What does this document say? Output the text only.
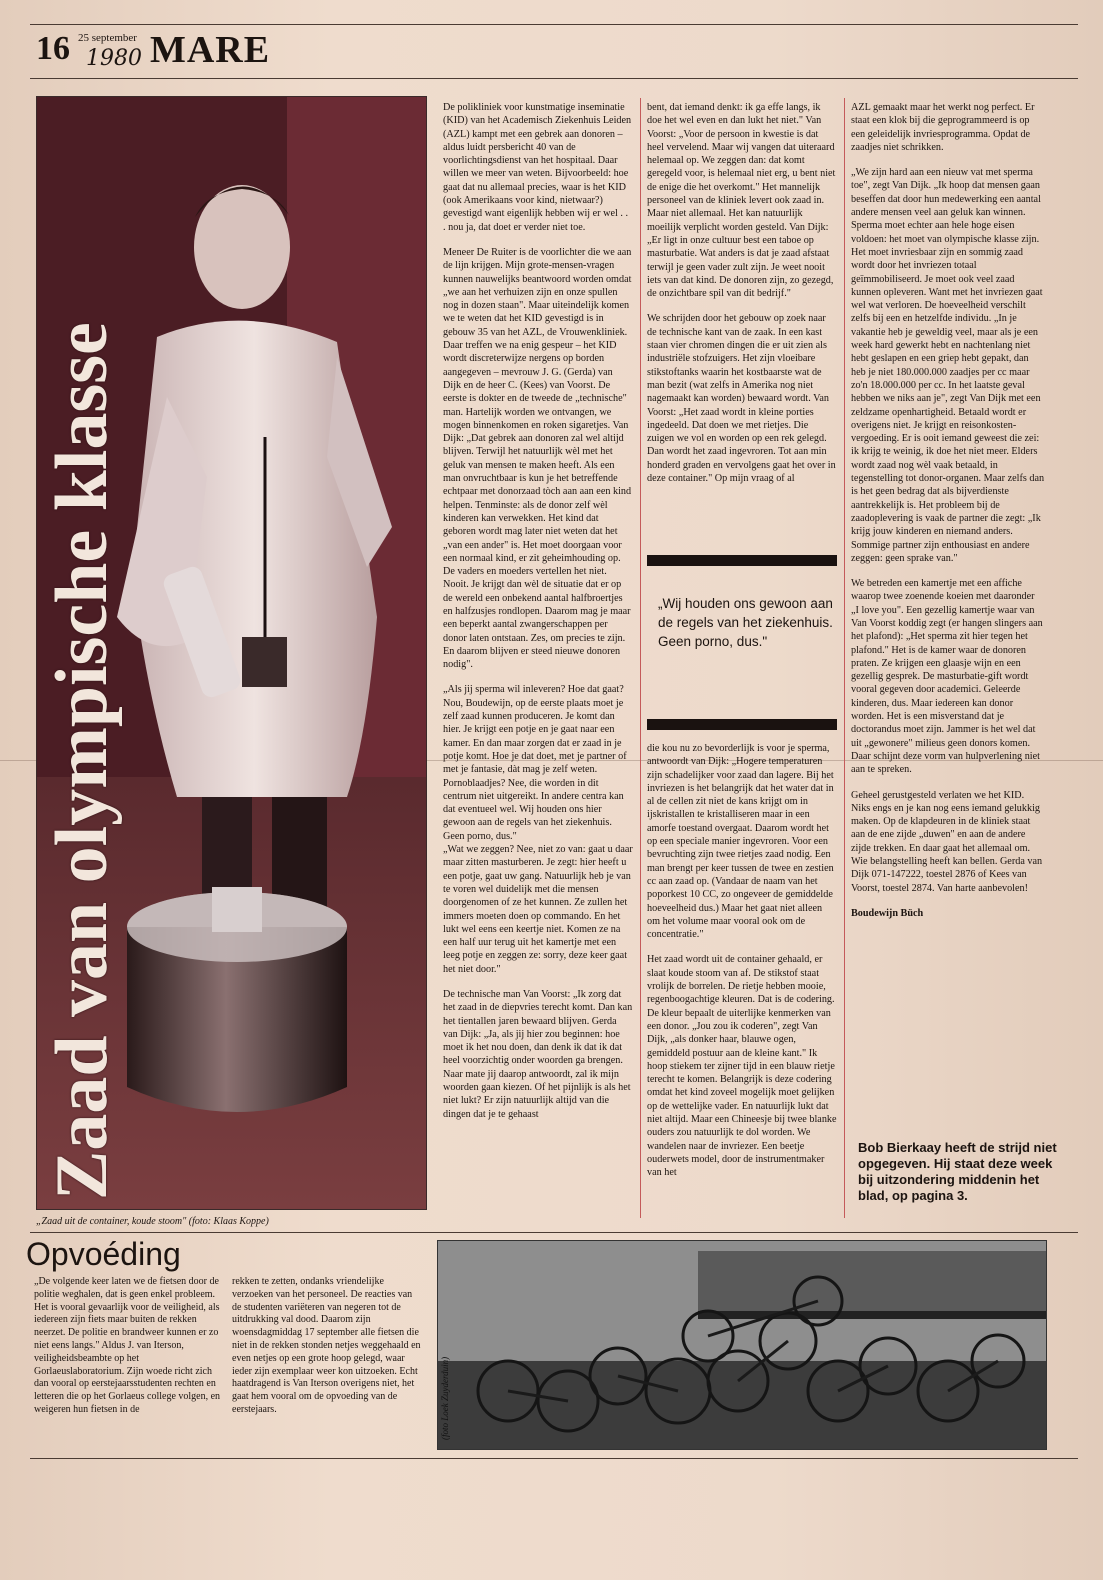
16 25 september
1980 MARE
Zaad van olympische klasse
„Zaad uit de container, koude stoom" (foto: Klaas Koppe)

De polikliniek voor kunstmatige inseminatie (KID) van het Academisch Ziekenhuis Leiden (AZL) kampt met een gebrek aan donoren – aldus luidt persbericht 40 van de voorlichtingsdienst van het hospitaal. Daar willen we meer van weten. Bijvoorbeeld: hoe gaat dat nu allemaal precies, waar is het KID (ook Amerikaans voor kind, nietwaar?) gevestigd want eigenlijk hebben wij er wel . . . nou ja, dat doet er verder niet toe.

Meneer De Ruiter is de voorlichter die we aan de lijn krijgen. Mijn grote-mensen-vragen kunnen nauwelijks beantwoord worden omdat „we aan het verhuizen zijn en onze spullen nog in dozen staan". Maar uiteindelijk komen we te weten dat het KID gevestigd is in gebouw 35 van het AZL, de Vrouwenkliniek. Daar treffen we na enig gespeur – het KID wordt discreterwijze nergens op borden aangegeven – mevrouw J. G. (Gerda) van Dijk en de heer C. (Kees) van Voorst. De eerste is dokter en de tweede de „technische" man. Hartelijk worden we ontvangen, we mogen binnenkomen en roken sigaretjes. Van Dijk: „Dat gebrek aan donoren zal wel altijd blijven. Terwijl het natuurlijk wèl met het geluk van mensen te maken heeft. Als een man onvruchtbaar is kun je het betreffende echtpaar met donorzaad tòch aan aan een kind helpen. Tenminste: als de donor zelf wèl kinderen kan verwekken. Het kind dat geboren wordt mag later niet weten dat het „van een ander" is. Het moet doorgaan voor een normaal kind, er zit geheimhouding op. De vaders en moeders vertellen het niet. Nooit. Je krijgt dan wèl de situatie dat er op de wereld een onbekend aantal halfbroertjes en halfzusjes rondlopen. Daarom mag je maar een beperkt aantal zwangerschappen per donor laten ontstaan. Zes, om precies te zijn. En daarom blijven er steed nieuwe donoren nodig".

„Als jij sperma wil inleveren? Hoe dat gaat? Nou, Boudewijn, op de eerste plaats moet je zelf zaad kunnen produceren. Je komt dan hier. Je krijgt een potje en je gaat naar een kamer. En dan maar zorgen dat er zaad in je potje komt. Hoe je dat doet, met je partner of met je fantasie, dàt mag je zelf weten. Pornoblaadjes? Nee, die worden in dit centrum niet uitgereikt. In andere centra kan dat eventueel wel. Wij houden ons hier gewoon aan de regels van het ziekenhuis. Geen porno, dus."

„Wat we zeggen? Nee, niet zo van: gaat u daar maar zitten masturberen. Je zegt: hier heeft u een potje, gaat uw gang. Natuurlijk heb je van te voren wel duidelijk met die mensen doorgenomen of ze het kunnen. Ze zullen het immers moeten doen op commando. En het lukt wel eens een keertje niet. Komen ze na een half uur terug uit het kamertje met een leeg potje en zeggen ze: sorry, deze keer gaat het niet door."

De technische man Van Voorst: „Ik zorg dat het zaad in de diepvries terecht komt. Dan kan het tientallen jaren bewaard blijven. Gerda van Dijk: „Ja, als jij hier zou beginnen: hoe moet ik het nou doen, dan denk ik dat ik dat heel voorzichtig onder woorden ga brengen. Naar mate jij daarop antwoordt, zal ik mijn woorden gaan kiezen. Of het pijnlijk is als het niet lukt? Er zijn natuurlijk altijd van die dingen dat je te gehaast

bent, dat iemand denkt: ik ga effe langs, ik doe het wel even en dan lukt het niet." Van Voorst: „Voor de persoon in kwestie is dat heel vervelend. Maar wij vangen dat uiteraard helemaal op. We zeggen dan: dat komt geregeld voor, is helemaal niet erg, u bent niet de enige die het overkomt." Het mannelijk personeel van de kliniek levert ook zaad in. Maar niet allemaal. Het kan natuurlijk moeilijk verplicht worden gesteld. Van Dijk: „Er ligt in onze cultuur best een taboe op masturbatie. Wat anders is dat je zaad afstaat terwijl je geen vader zult zijn. Je weet nooit iets van dat kind. De donoren zijn, zo gezegd, de onzichtbare spil van dit bedrijf."

We schrijden door het gebouw op zoek naar de technische kant van de zaak. In een kast staan vier chromen dingen die er uit zien als industriële stofzuigers. Het zijn vloeibare stikstoftanks waarin het kostbaarste wat de man bezit (wat zelfs in Amerika nog niet nagemaakt kan worden) bewaard wordt. Van Voorst: „Het zaad wordt in kleine porties ingedeeld. Dat doen we met rietjes. Die zuigen we vol en worden op een rek gelegd. Dan wordt het zaad ingevroren. Tot aan min honderd graden en vervolgens gaat het over in deze container." Op mijn vraag of al

„Wij houden ons gewoon aan de regels van het ziekenhuis. Geen porno, dus."

die kou nu zo bevorderlijk is voor je sperma, antwoordt van Dijk: „Hogere temperaturen zijn schadelijker voor zaad dan lagere. Bij het invriezen is het belangrijk dat het water dat in al de cellen zit niet de kans krijgt om in ijskristallen te kristalliseren maar in een amorfe toestand overgaat. Daarom wordt het op een speciale manier ingevroren. Voor een bevruchting zijn twee rietjes zaad nodig. Een man brengt per keer tussen de twee en zestien cc aan zaad op. (Vandaar de naam van het poporkest 10 CC, zo ongeveer de gemiddelde hoeveelheid dus.) Maar het gaat niet alleen om het volume maar vooral ook om de concentratie."

Het zaad wordt uit de container gehaald, er slaat koude stoom van af. De stikstof staat vrolijk de borrelen. De rietje hebben mooie, regenboogachtige kleuren. Dat is de codering. De kleur bepaalt de uiterlijke kenmerken van een donor. „Jou zou ik coderen", zegt Van Dijk, „als donker haar, blauwe ogen, gemiddeld postuur aan de kleine kant." Ik hoop stiekem ter zijner tijd in een blauw rietje terecht te komen. Belangrijk is deze codering omdat het kind zoveel mogelijk moet gelijken op de wettelijke vader. En natuurlijk lukt dat niet altijd. Maar een Chineesje bij twee blanke ouders zou natuurlijk te dol worden. We wandelen naar de invriezer. Een beetje ouderwets model, door de instrumentmaker van het

AZL gemaakt maar het werkt nog perfect. Er staat een klok bij die geprogrammeerd is op een geleidelijk invriesprogramma. Opdat de zaadjes niet schrikken.

„We zijn hard aan een nieuw vat met sperma toe", zegt Van Dijk. „Ik hoop dat mensen gaan beseffen dat door hun medewerking een aantal andere mensen veel aan geluk kan winnen. Sperma moet echter aan hele hoge eisen voldoen: het moet van olympische klasse zijn. Het moet invriesbaar zijn en sommig zaad wordt door het invriezen totaal geïmmobiliseerd. Je moet ook veel zaad kunnen opleveren. Want met het invriezen gaat wel wat verloren. De hoeveelheid verschilt zelfs bij een en hetzelfde individu. „In je vakantie heb je geweldig veel, maar als je een week hard gewerkt hebt en nachtenlang niet hebt geslapen en een griep hebt gepakt, dan heb je niet 180.000.000 zaadjes per cc maar zo'n 18.000.000 per cc. In het laatste geval hebben we niks aan je", zegt Van Dijk met een zeldzame openhartigheid. Betaald wordt er overigens niet. Je krijgt en reisonkosten-vergoeding. Er is ooit iemand geweest die zei: ik krijg te weinig, ik doe het niet meer. Elders wordt zaad nog wèl vaak betaald, in tegenstelling tot donor-organen. Maar zelfs dan is het geen bedrag dat als bijverdienste aantrekkelijk is. Het probleem bij de zaadoplevering is vaak de partner die zegt: „Ik krijg jouw kinderen en niemand anders. Sommige partner zijn enthousiast en andere zeggen: geen sprake van."

We betreden een kamertje met een affiche waarop twee zoenende koeien met daaronder „I love you". Een gezellig kamertje waar van Van Voorst koddig zegt (er hangen slingers aan het plafond): „Het sperma zit hier tegen het plafond." Het is de kamer waar de donoren praten. Ze krijgen een glaasje wijn en een gezellig gesprek. De masturbatie-gift wordt vooral gegeven door academici. Geleerde kinderen, dus. Maar iedereen kan donor worden. Het is een misverstand dat je doctorandus moet zijn. Jammer is het wel dat uit „gewonere" milieus geen donors komen. Daar schijnt deze vorm van hulpverlening niet aan te spreken.

Geheel gerustgesteld verlaten we het KID. Niks engs en je kan nog eens iemand gelukkig maken. Op de klapdeuren in de kliniek staat aan de ene zijde „duwen" en aan de andere zijde trekken. En daar gaat het allemaal om. Wie belangstelling heeft kan bellen. Gerda van Dijk 071-147222, toestel 2876 of Kees van Voorst, toestel 2874. Van harte aanbevolen!

Boudewijn Büch

Bob Bierkaay heeft de strijd niet opgegeven. Hij staat deze week bij uitzondering middenin het blad, op pagina 3.
Opvoéding
„De volgende keer laten we de fietsen door de politie weghalen, dat is geen enkel probleem. Het is vooral gevaarlijk voor de veiligheid, als iedereen zijn fiets maar buiten de rekken neerzet. De politie en brandweer kunnen er zo niet eens langs." Aldus J. van Iterson, veiligheidsbeambte op het Gorlaeuslaboratorium. Zijn woede richt zich dan vooral op eerstejaarsstudenten rechten en letteren die op het Gorlaeus college volgen, en weigeren hun fietsen in de
rekken te zetten, ondanks vriendelijke verzoeken van het personeel. De reacties van de studenten variëteren van negeren tot de uitdrukking val dood. Daarom zijn woensdagmiddag 17 september alle fietsen die niet in de rekken stonden netjes weggehaald en even netjes op een grote hoop gelegd, waar ieder zijn exemplaar weer kon uitzoeken. Echt haatdragend is Van Iterson overigens niet, het gaat hem vooral om de opvoeding van de eerstejaars.	(foto Loek Zuyderduin)
